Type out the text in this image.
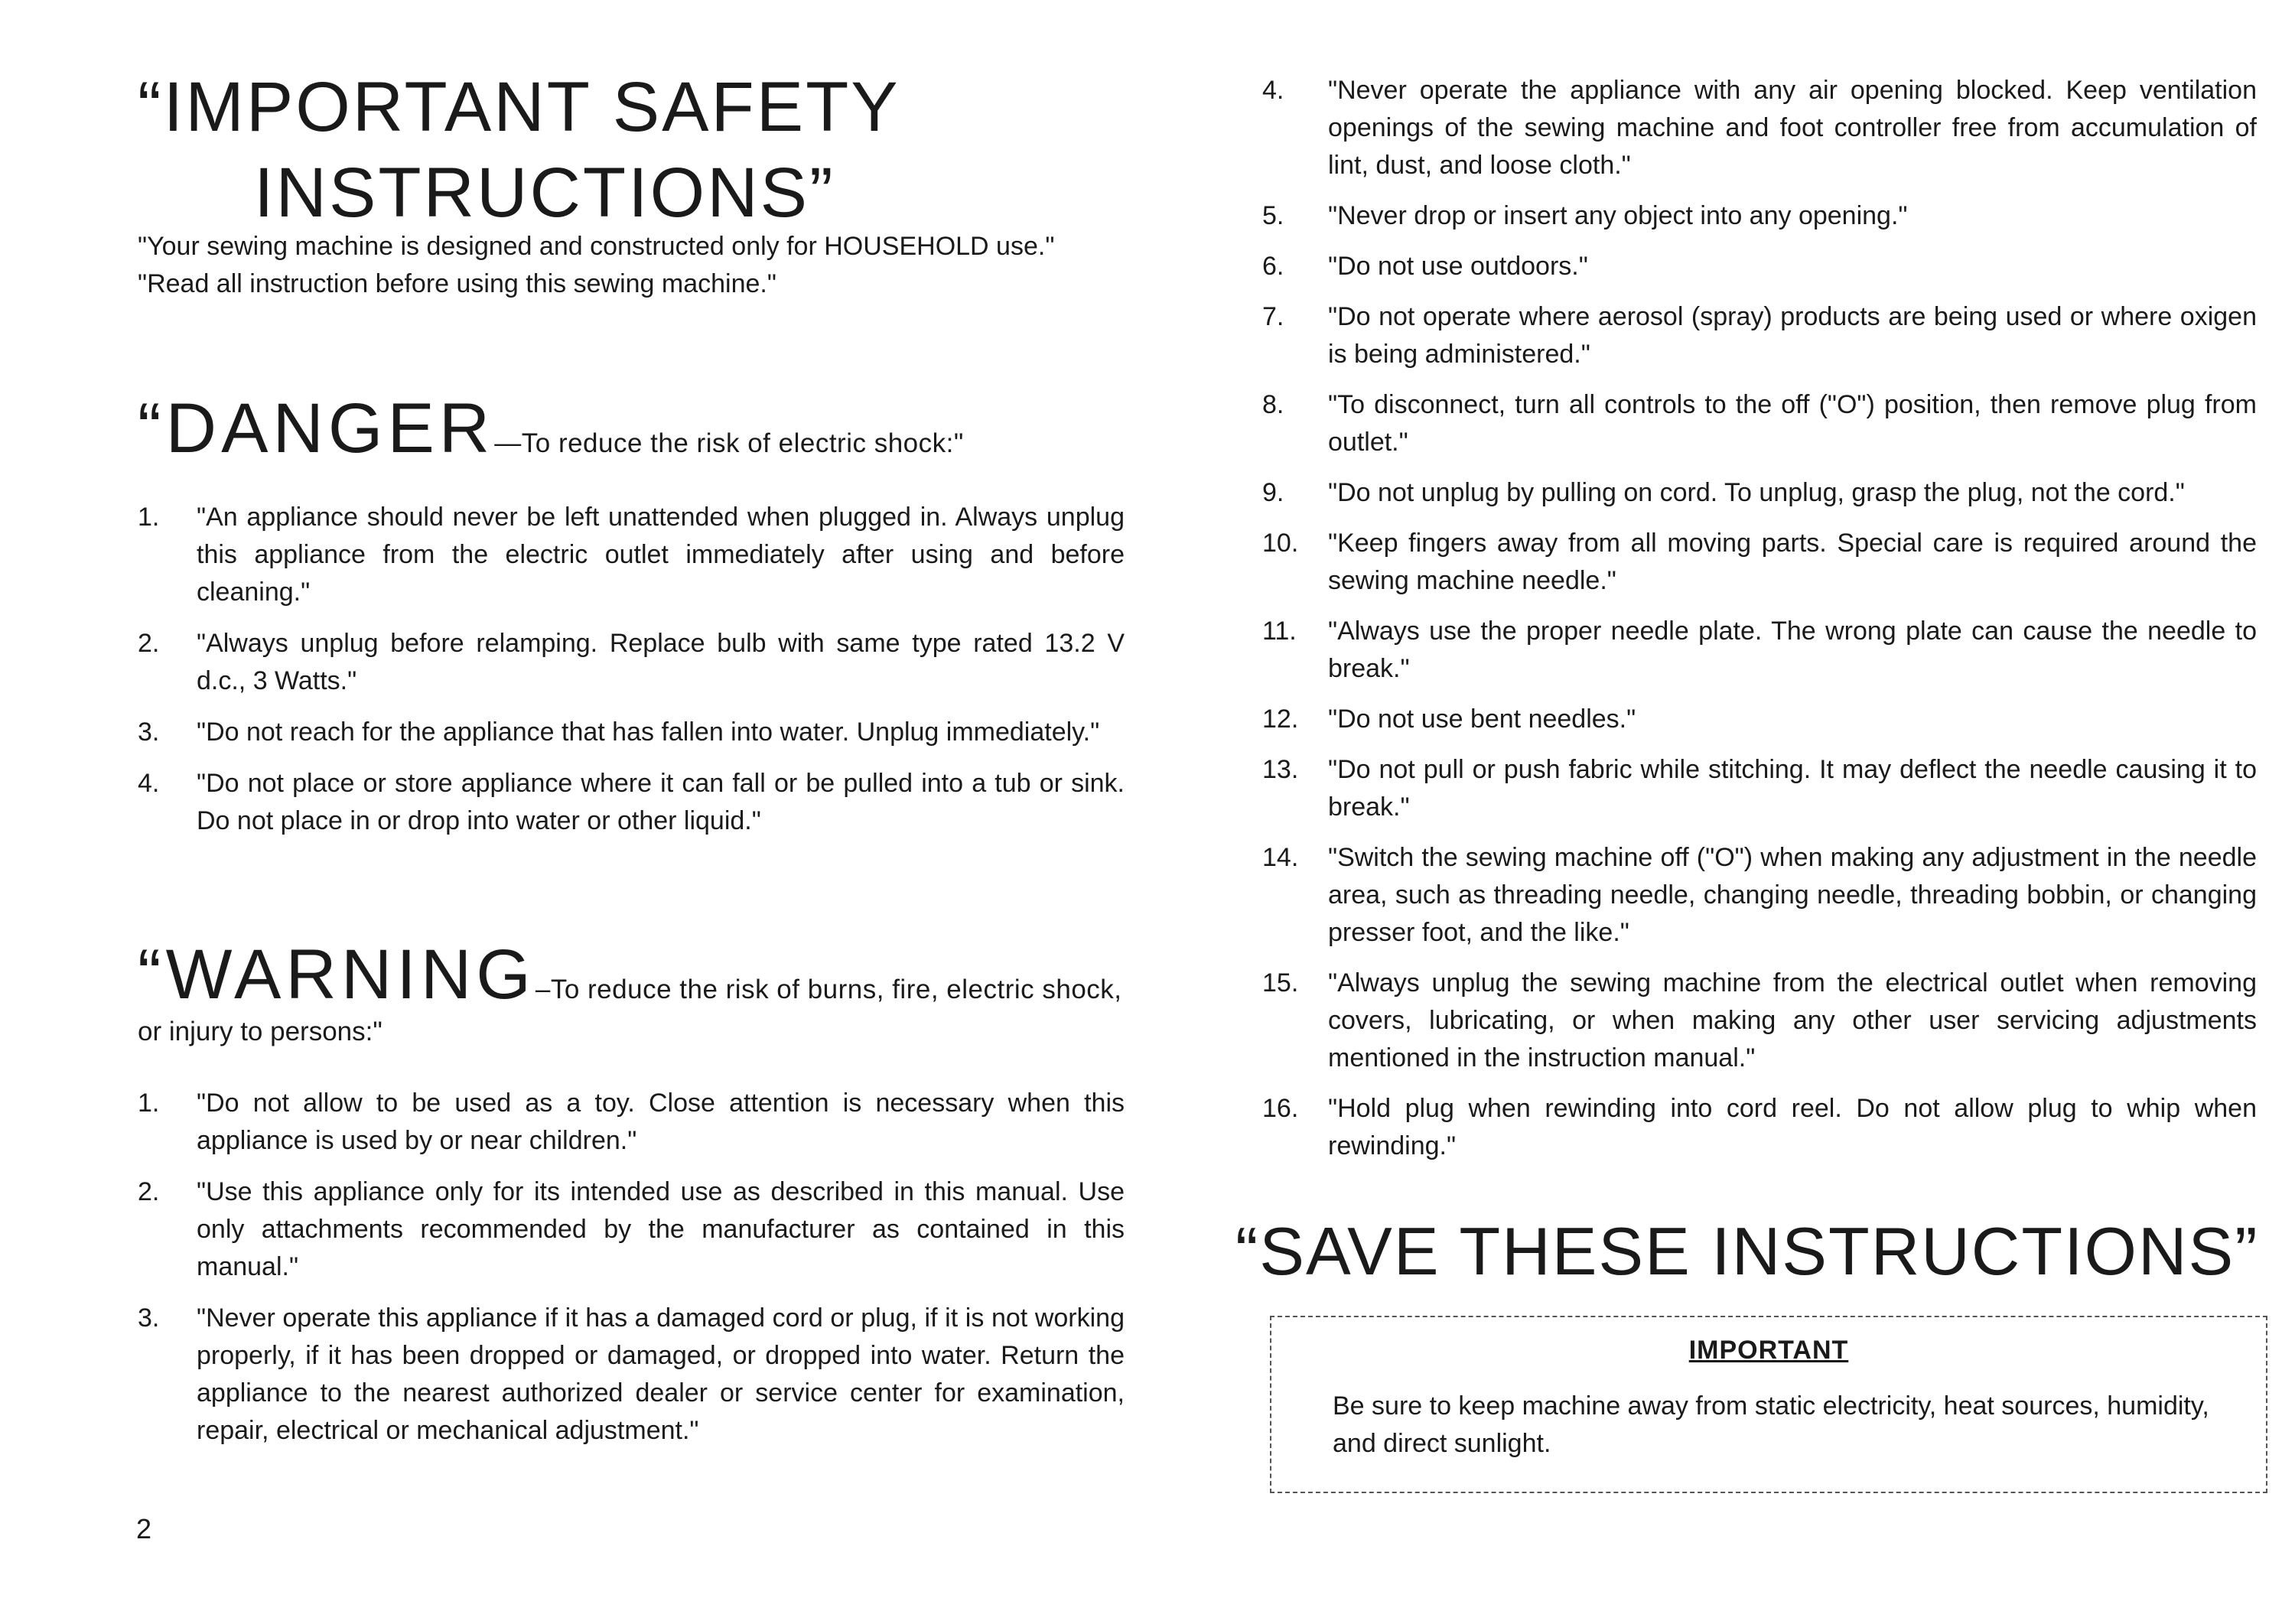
“IMPORTANT SAFETY
INSTRUCTIONS”

"Your sewing machine is designed and constructed only for HOUSEHOLD use."

"Read all instruction before using this sewing machine."

“DANGER—To reduce the risk of electric shock:"
1. "An appliance should never be left unattended when plugged in. Always unplug this appliance from the electric outlet immediately after using and before cleaning."
2. "Always unplug before relamping. Replace bulb with same type rated 13.2 V d.c., 3 Watts."
3. "Do not reach for the appliance that has fallen into water. Unplug immediately."
4. "Do not place or store appliance where it can fall or be pulled into a tub or sink. Do not place in or drop into water or other liquid."
“WARNING–To reduce the risk of burns, fire, electric shock,
or injury to persons:"
1. "Do not allow to be used as a toy. Close attention is necessary when this appliance is used by or near children."
2. "Use this appliance only for its intended use as described in this manual. Use only attachments recommended by the manufacturer as contained in this manual."
3. "Never operate this appliance if it has a damaged cord or plug, if it is not working properly, if it has been dropped or damaged, or dropped into water. Return the appliance to the nearest authorized dealer or service center for examination, repair, electrical or mechanical adjustment."
2
4. "Never operate the appliance with any air opening blocked. Keep ventilation openings of the sewing machine and foot controller free from accumulation of lint, dust, and loose cloth."
5. "Never drop or insert any object into any opening."
6. "Do not use outdoors."
7. "Do not operate where aerosol (spray) products are being used or where oxigen is being administered."
8. "To disconnect, turn all controls to the off ("O") position, then remove plug from outlet."
9. "Do not unplug by pulling on cord. To unplug, grasp the plug, not the cord."
10. "Keep fingers away from all moving parts. Special care is required around the sewing machine needle."
11. "Always use the proper needle plate. The wrong plate can cause the needle to break."
12. "Do not use bent needles."
13. "Do not pull or push fabric while stitching. It may deflect the needle causing it to break."
14. "Switch the sewing machine off ("O") when making any adjustment in the needle area, such as threading needle, changing needle, threading bobbin, or changing presser foot, and the like."
15. "Always unplug the sewing machine from the electrical outlet when removing covers, lubricating, or when making any other user servicing adjustments mentioned in the instruction manual."
16. "Hold plug when rewinding into cord reel. Do not allow plug to whip when rewinding."
“SAVE THESE INSTRUCTIONS”
IMPORTANT
Be sure to keep machine away from static electricity, heat sources, humidity, and direct sunlight.
